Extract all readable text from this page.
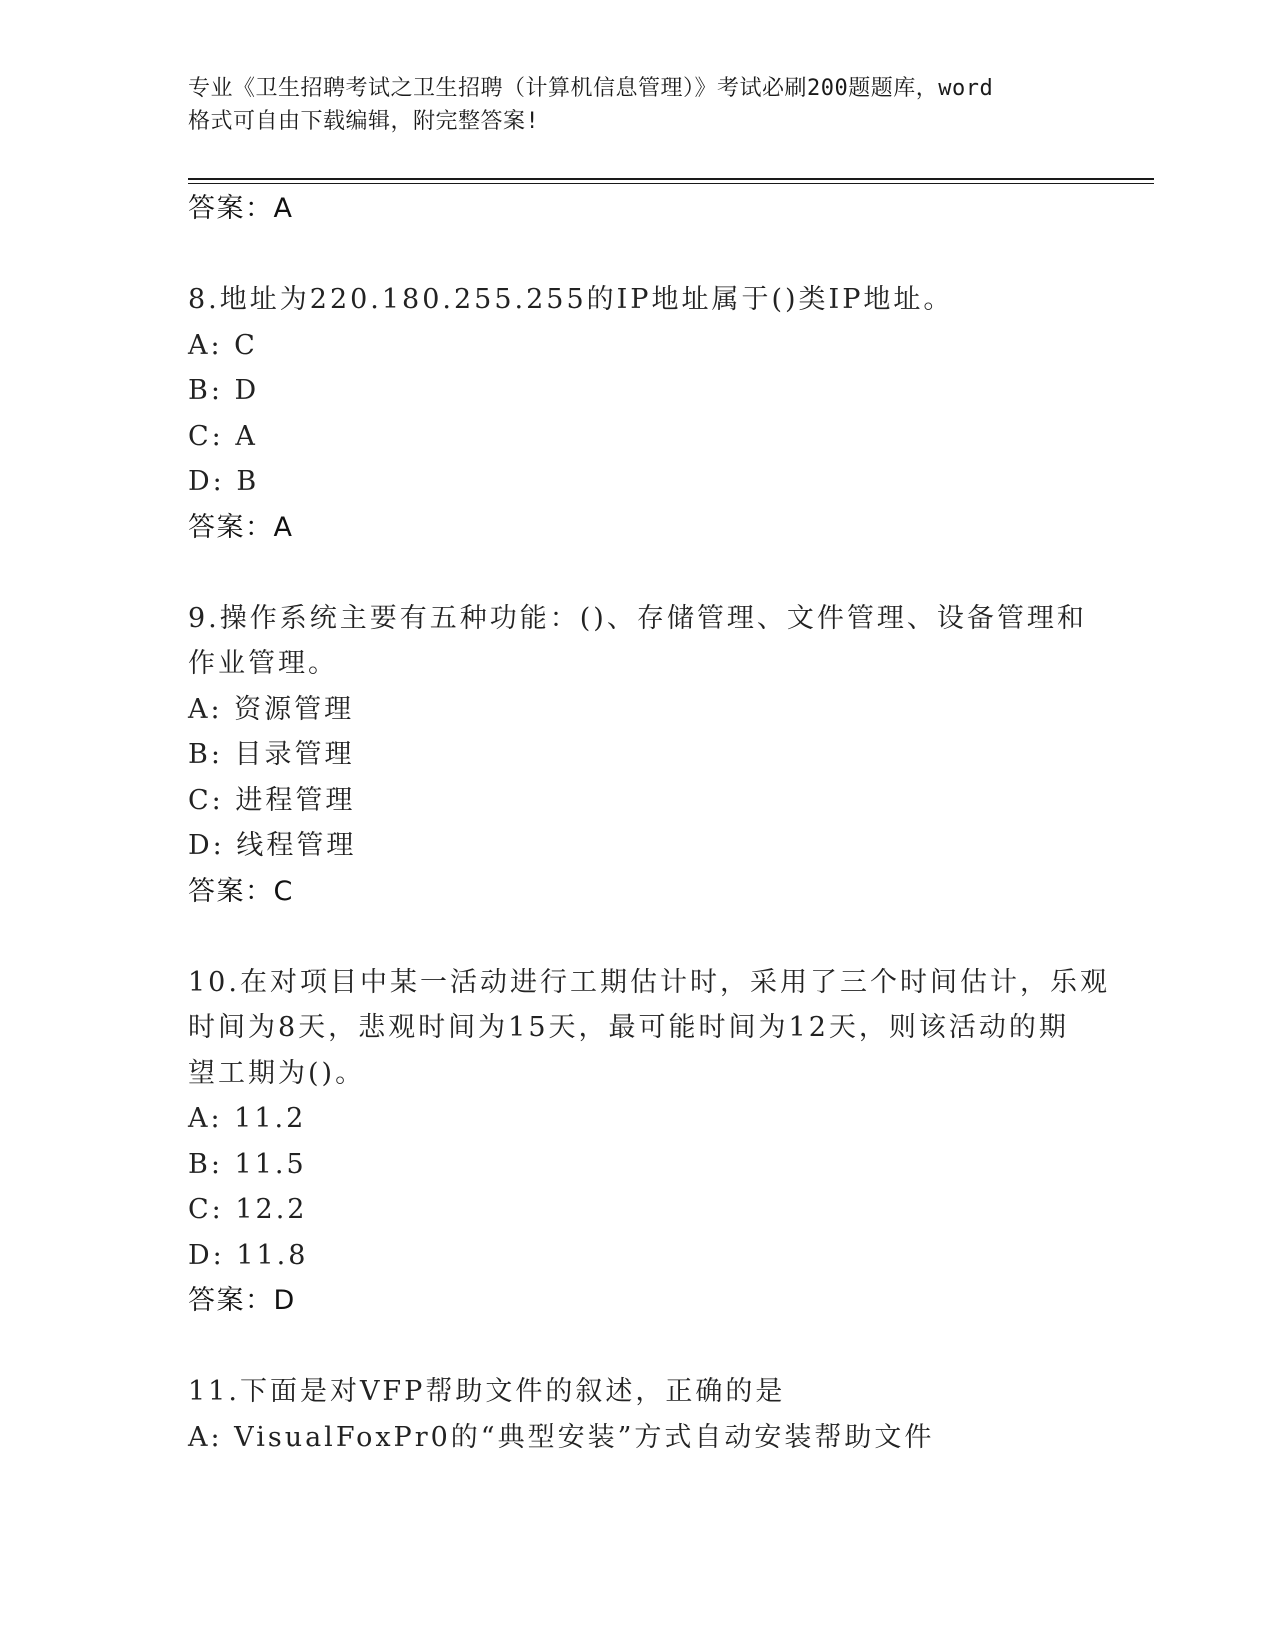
专业《卫生招聘考试之卫生招聘（计算机信息管理）》考试必刷200题题库，word
格式可自由下载编辑，附完整答案!
答案：A
8.地址为220.180.255.255的IP地址属于()类IP地址。
A: C
B: D
C: A
D: B
答案：A
9.操作系统主要有五种功能：()、存储管理、文件管理、设备管理和
作业管理。
A: 资源管理
B: 目录管理
C: 进程管理
D: 线程管理
答案：C
10.在对项目中某一活动进行工期估计时，采用了三个时间估计，乐观
时间为8天，悲观时间为15天，最可能时间为12天，则该活动的期
望工期为()。
A: 11.2
B: 11.5
C: 12.2
D: 11.8
答案：D
11.下面是对VFP帮助文件的叙述，正确的是
A: VisualFoxPr0的“典型安装”方式自动安装帮助文件
